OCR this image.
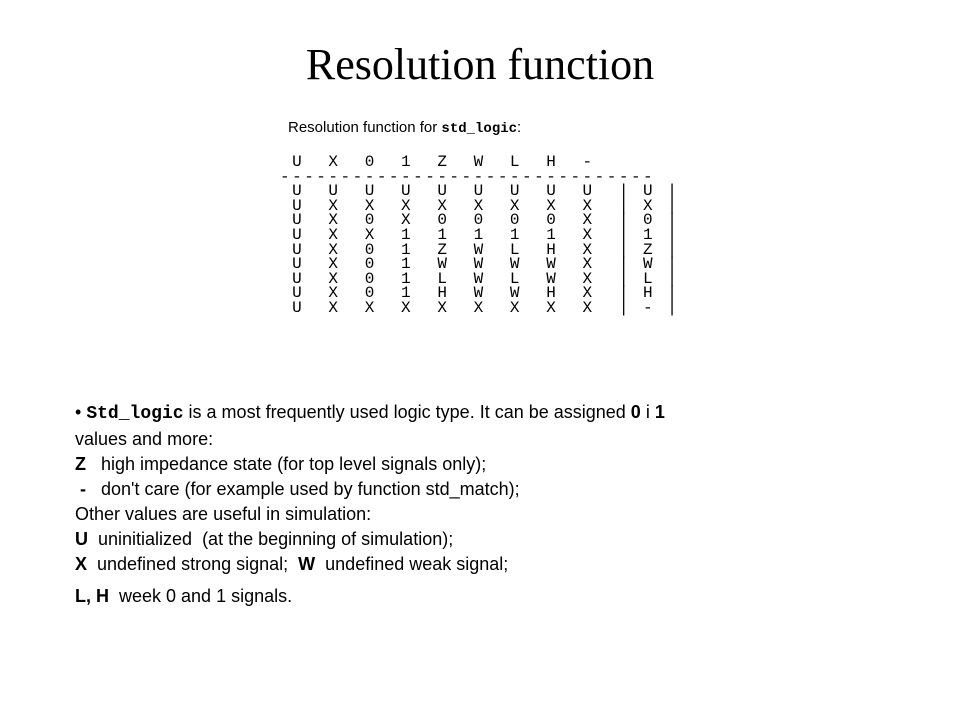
Resolution function
Resolution function for std_logic:
U  X  0  1  Z  W  L  H  -
-------------------------------
U  U  U  U  U  U  U  U  U  | U |
U  X  X  X  X  X  X  X  X  | X |
U  X  0  X  0  0  0  0  X  | 0 |
U  X  X  1  1  1  1  1  X  | 1 |
U  X  0  1  Z  W  L  H  X  | Z |
U  X  0  1  W  W  W  W  X  | W |
U  X  0  1  L  W  L  W  X  | L |
U  X  0  1  H  W  W  H  X  | H |
U  X  X  X  X  X  X  X  X  | - |

• Std_logic is a most frequently used logic type. It can be assigned 0 i 1

values and more:

Z   high impedance state (for top level signals only);

-   don't care (for example used by function std_match);

Other values are useful in simulation:

U  uninitialized  (at the beginning of simulation);

X  undefined strong signal;  W  undefined weak signal;

L, H  week 0 and 1 signals.
